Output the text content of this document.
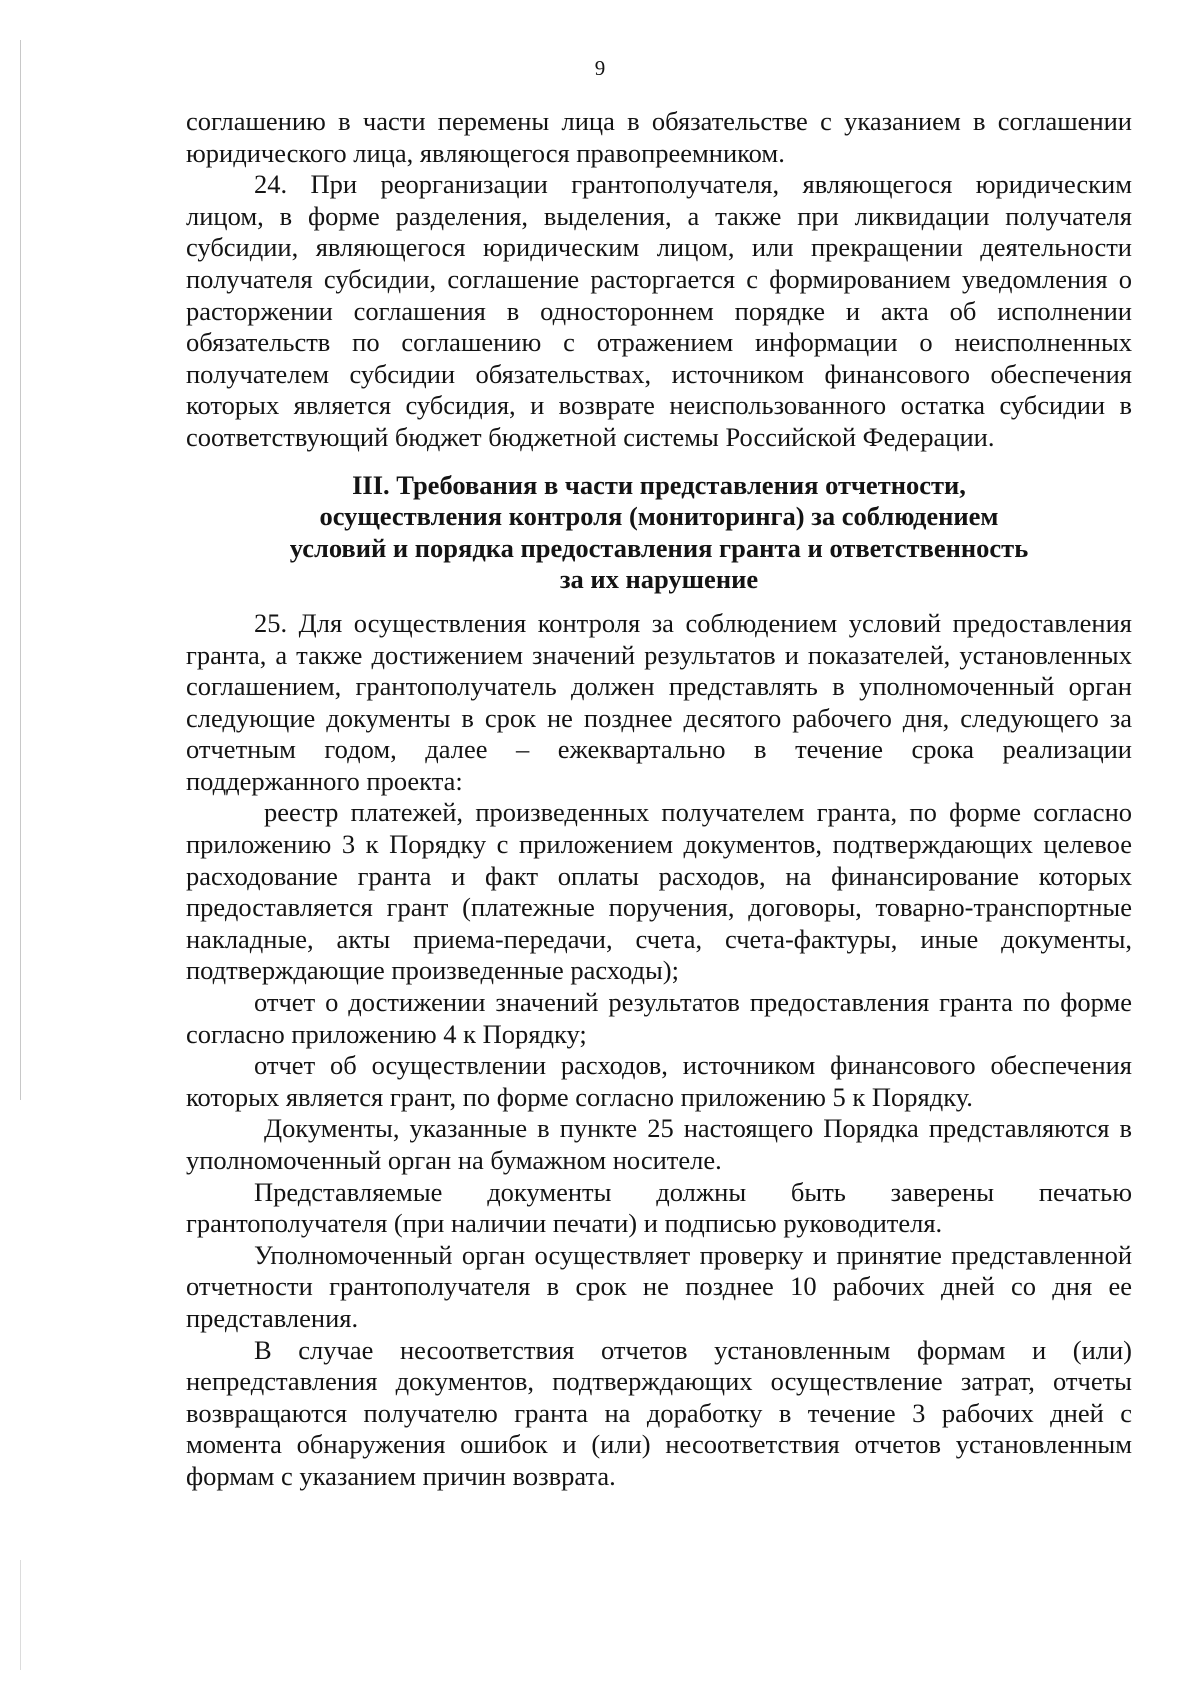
9

соглашению в части перемены лица в обязательстве с указанием в соглашении юридического лица, являющегося правопреемником.

24. При реорганизации грантополучателя, являющегося юридическим лицом, в форме разделения, выделения, а также при ликвидации получателя субсидии, являющегося юридическим лицом, или прекращении деятельности получателя субсидии, соглашение расторгается с формированием уведомления о расторжении соглашения в одностороннем порядке и акта об исполнении обязательств по соглашению с отражением информации о неисполненных получателем субсидии обязательствах, источником финансового обеспечения которых является субсидия, и возврате неиспользованного остатка субсидии в соответствующий бюджет бюджетной системы Российской Федерации.

III. Требования в части представления отчетности,
осуществления контроля (мониторинга) за соблюдением
условий и порядка предоставления гранта и ответственность
за их нарушение

25. Для осуществления контроля за соблюдением условий предоставления гранта, а также достижением значений результатов и показателей, установленных соглашением, грантополучатель должен представлять в уполномоченный орган следующие документы в срок не позднее десятого рабочего дня, следующего за отчетным годом, далее – ежеквартально в течение срока реализации поддержанного проекта:

реестр платежей, произведенных получателем гранта, по форме согласно приложению 3 к Порядку с приложением документов, подтверждающих целевое расходование гранта и факт оплаты расходов, на финансирование которых предоставляется грант (платежные поручения, договоры, товарно-транспортные накладные, акты приема-передачи, счета, счета-фактуры, иные документы, подтверждающие произведенные расходы);

отчет о достижении значений результатов предоставления гранта по форме согласно приложению 4 к Порядку;

отчет об осуществлении расходов, источником финансового обеспечения которых является грант, по форме согласно приложению 5 к Порядку.

Документы, указанные в пункте 25 настоящего Порядка представляются в уполномоченный орган на бумажном носителе.

Представляемые документы должны быть заверены печатью грантополучателя (при наличии печати) и подписью руководителя.

Уполномоченный орган осуществляет проверку и принятие представленной отчетности грантополучателя в срок не позднее 10 рабочих дней со дня ее представления.

В случае несоответствия отчетов установленным формам и (или) непредставления документов, подтверждающих осуществление затрат, отчеты возвращаются получателю гранта на доработку в течение 3 рабочих дней с момента обнаружения ошибок и (или) несоответствия отчетов установленным формам с указанием причин возврата.
